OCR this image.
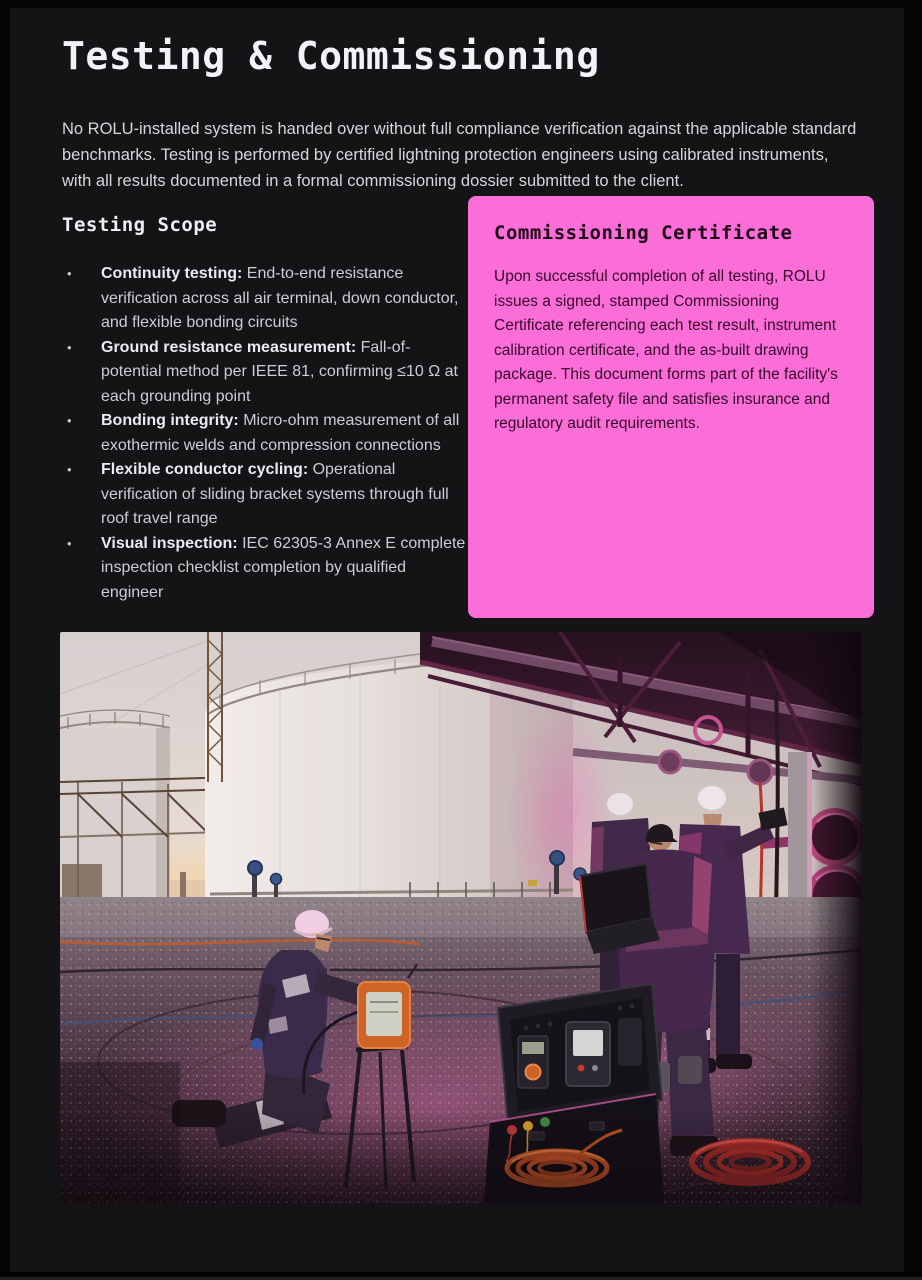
Testing & Commissioning

No ROLU-installed system is handed over without full compliance verification against the applicable standard benchmarks. Testing is performed by certified lightning protection engineers using calibrated instruments, with all results documented in a formal commissioning dossier submitted to the client.

Testing Scope
•	Continuity testing: End-to-end resistance verification across all air terminal, down conductor, and flexible bonding circuits
•	Ground resistance measurement: Fall-of-potential method per IEEE 81, confirming ≤10 Ω at each grounding point
•	Bonding integrity: Micro-ohm measurement of all exothermic welds and compression connections
•	Flexible conductor cycling: Operational verification of sliding bracket systems through full roof travel range
•	Visual inspection: IEC 62305-3 Annex E complete inspection checklist completion by qualified engineer
Commissioning Certificate

Upon successful completion of all testing, ROLU issues a signed, stamped Commissioning Certificate referencing each test result, instrument calibration certificate, and the as-built drawing package. This document forms part of the facility's permanent safety file and satisfies insurance and regulatory audit requirements.
